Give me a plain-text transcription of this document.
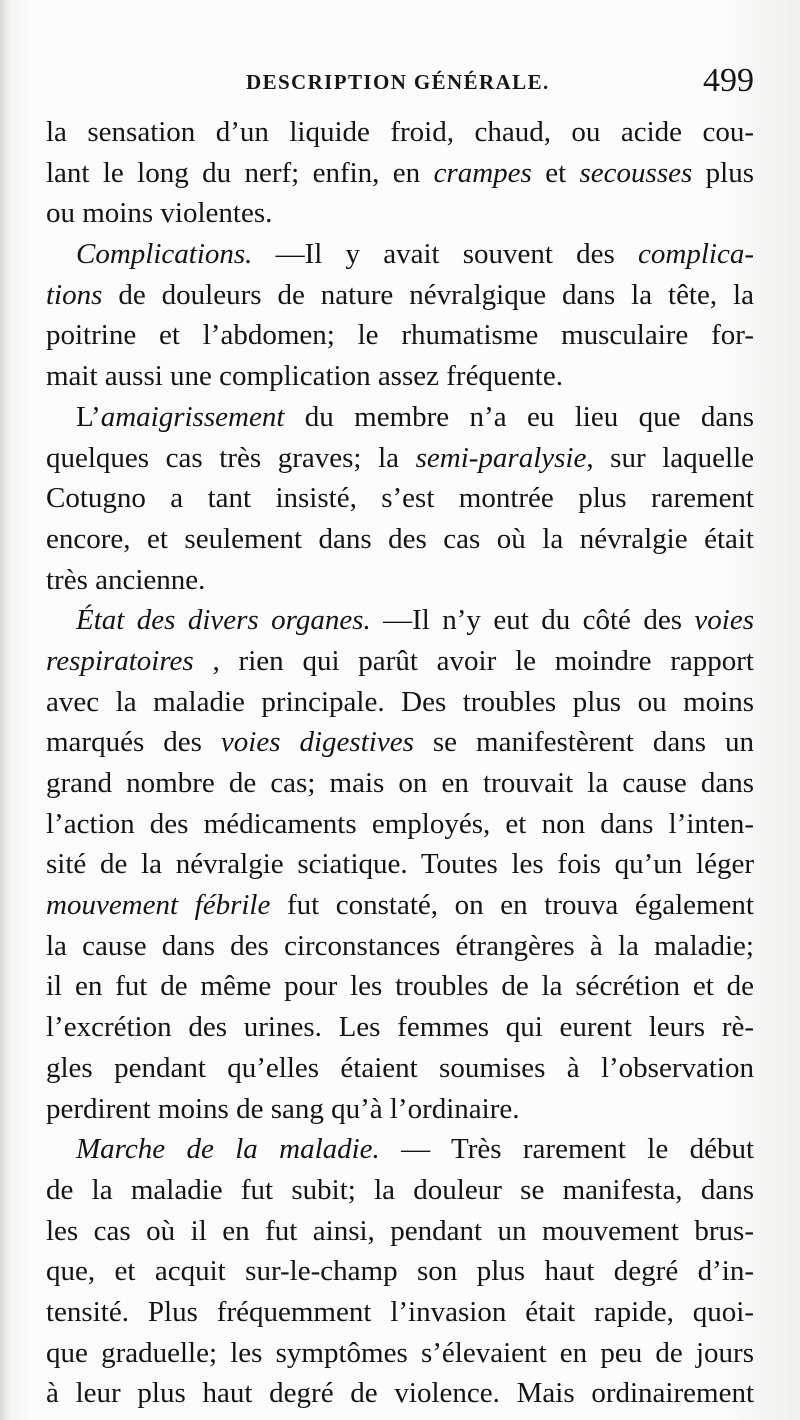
DESCRIPTION GÉNÉRALE.	499
la sensation d’un liquide froid, chaud, ou acide cou-
lant le long du nerf; enfin, en crampes et secousses plus
ou moins violentes.
Complications. —Il y avait souvent des complica-
tions de douleurs de nature névralgique dans la tête, la
poitrine et l’abdomen; le rhumatisme musculaire for-
mait aussi une complication assez fréquente.
L’amaigrissement du membre n’a eu lieu que dans
quelques cas très graves; la semi-paralysie, sur laquelle
Cotugno a tant insisté, s’est montrée plus rarement
encore, et seulement dans des cas où la névralgie était
très ancienne.
État des divers organes. —Il n’y eut du côté des voies
respiratoires , rien qui parût avoir le moindre rapport
avec la maladie principale. Des troubles plus ou moins
marqués des voies digestives se manifestèrent dans un
grand nombre de cas; mais on en trouvait la cause dans
l’action des médicaments employés, et non dans l’inten-
sité de la névralgie sciatique. Toutes les fois qu’un léger
mouvement fébrile fut constaté, on en trouva également
la cause dans des circonstances étrangères à la maladie;
il en fut de même pour les troubles de la sécrétion et de
l’excrétion des urines. Les femmes qui eurent leurs rè-
gles pendant qu’elles étaient soumises à l’observation
perdirent moins de sang qu’à l’ordinaire.
Marche de la maladie. — Très rarement le début
de la maladie fut subit; la douleur se manifesta, dans
les cas où il en fut ainsi, pendant un mouvement brus-
que, et acquit sur-le-champ son plus haut degré d’in-
tensité. Plus fréquemment l’invasion était rapide, quoi-
que graduelle; les symptômes s’élevaient en peu de jours
à leur plus haut degré de violence. Mais ordinairement
